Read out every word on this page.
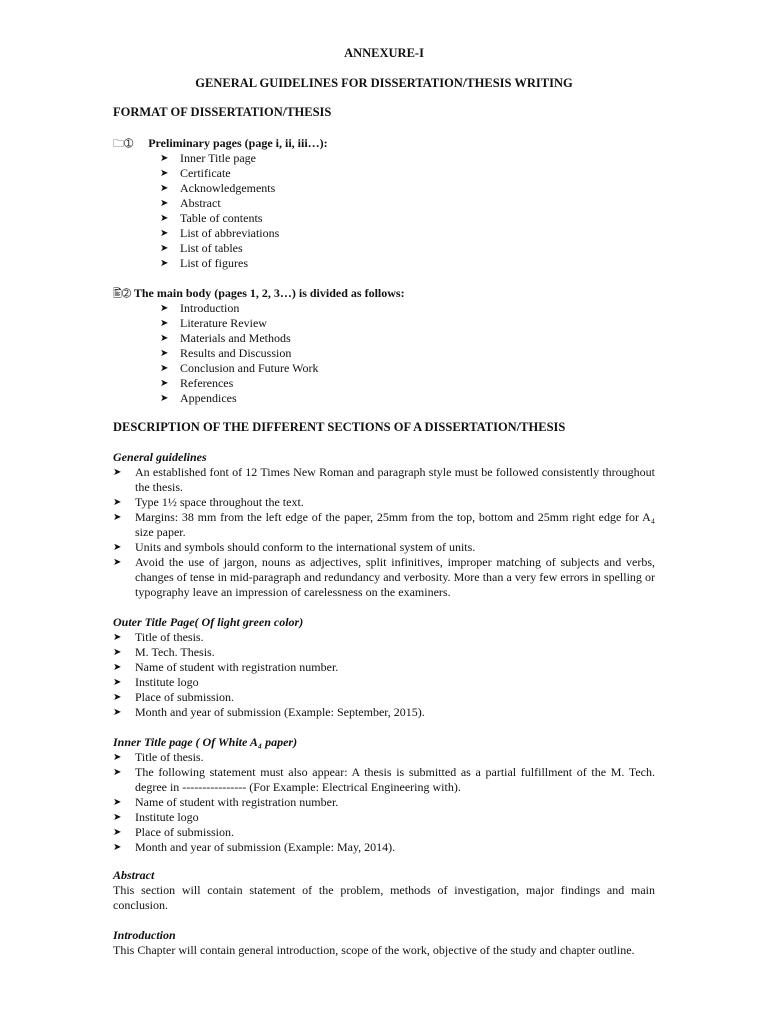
ANNEXURE-I
GENERAL GUIDELINES FOR DISSERTATION/THESIS WRITING
FORMAT OF DISSERTATION/THESIS
🗀➀ Preliminary pages (page i, ii, iii…):
➤ Inner Title page
➤ Certificate
➤ Acknowledgements
➤ Abstract
➤ Table of contents
➤ List of abbreviations
➤ List of tables
➤ List of figures
🖺➁ The main body (pages 1, 2, 3…) is divided as follows:
➤ Introduction
➤ Literature Review
➤ Materials and Methods
➤ Results and Discussion
➤ Conclusion and Future Work
➤ References
➤ Appendices
DESCRIPTION OF THE DIFFERENT SECTIONS OF A DISSERTATION/THESIS
General guidelines
➤ An established font of 12 Times New Roman and paragraph style must be followed consistently throughout the thesis.
➤ Type 1½ space throughout the text.
➤ Margins: 38 mm from the left edge of the paper, 25mm from the top, bottom and 25mm right edge for A₄ size paper.
➤ Units and symbols should conform to the international system of units.
➤ Avoid the use of jargon, nouns as adjectives, split infinitives, improper matching of subjects and verbs, changes of tense in mid-paragraph and redundancy and verbosity. More than a very few errors in spelling or typography leave an impression of carelessness on the examiners.
Outer Title Page( Of light green color)
➤ Title of thesis.
➤ M. Tech. Thesis.
➤ Name of student with registration number.
➤ Institute logo
➤ Place of submission.
➤ Month and year of submission (Example: September, 2015).
Inner Title page ( Of White A₄ paper)
➤ Title of thesis.
➤ The following statement must also appear: A thesis is submitted as a partial fulfillment of the M. Tech. degree in ---------------- (For Example: Electrical Engineering with).
➤ Name of student with registration number.
➤ Institute logo
➤ Place of submission.
➤ Month and year of submission (Example: May, 2014).
Abstract
This section will contain statement of the problem, methods of investigation, major findings and main conclusion.
Introduction
This Chapter will contain general introduction, scope of the work, objective of the study and chapter outline.
